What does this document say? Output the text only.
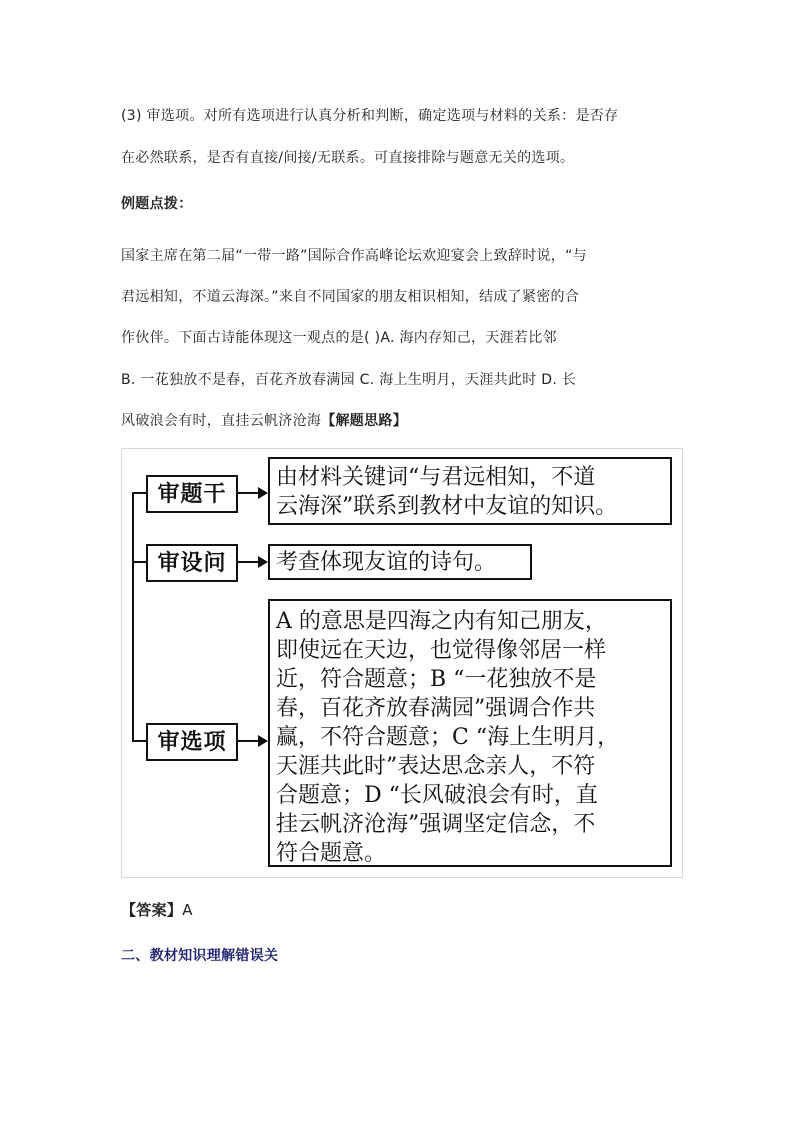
(3) 审选项。对所有选项进行认真分析和判断，确定选项与材料的关系：是否存
在必然联系，是否有直接/间接/无联系。可直接排除与题意无关的选项。
例题点拨：
国家主席在第二届“一带一路”国际合作高峰论坛欢迎宴会上致辞时说，“与
君远相知，不道云海深。”来自不同国家的朋友相识相知，结成了紧密的合
作伙伴。下面古诗能体现这一观点的是( )A. 海内存知己，天涯若比邻
B. 一花独放不是春，百花齐放春满园 C. 海上生明月，天涯共此时 D. 长
风破浪会有时，直挂云帆济沧海【解题思路】
审题干
审设问
审选项
由材料关键词“与君远相知，不道
云海深”联系到教材中友谊的知识。
考查体现友谊的诗句。
A 的意思是四海之内有知己朋友，
即使远在天边，也觉得像邻居一样
近，符合题意；B “一花独放不是
春，百花齐放春满园”强调合作共
赢，不符合题意；C “海上生明月，
天涯共此时”表达思念亲人，不符
合题意；D “长风破浪会有时，直
挂云帆济沧海”强调坚定信念，不
符合题意。
【答案】A
二、教材知识理解错误关
